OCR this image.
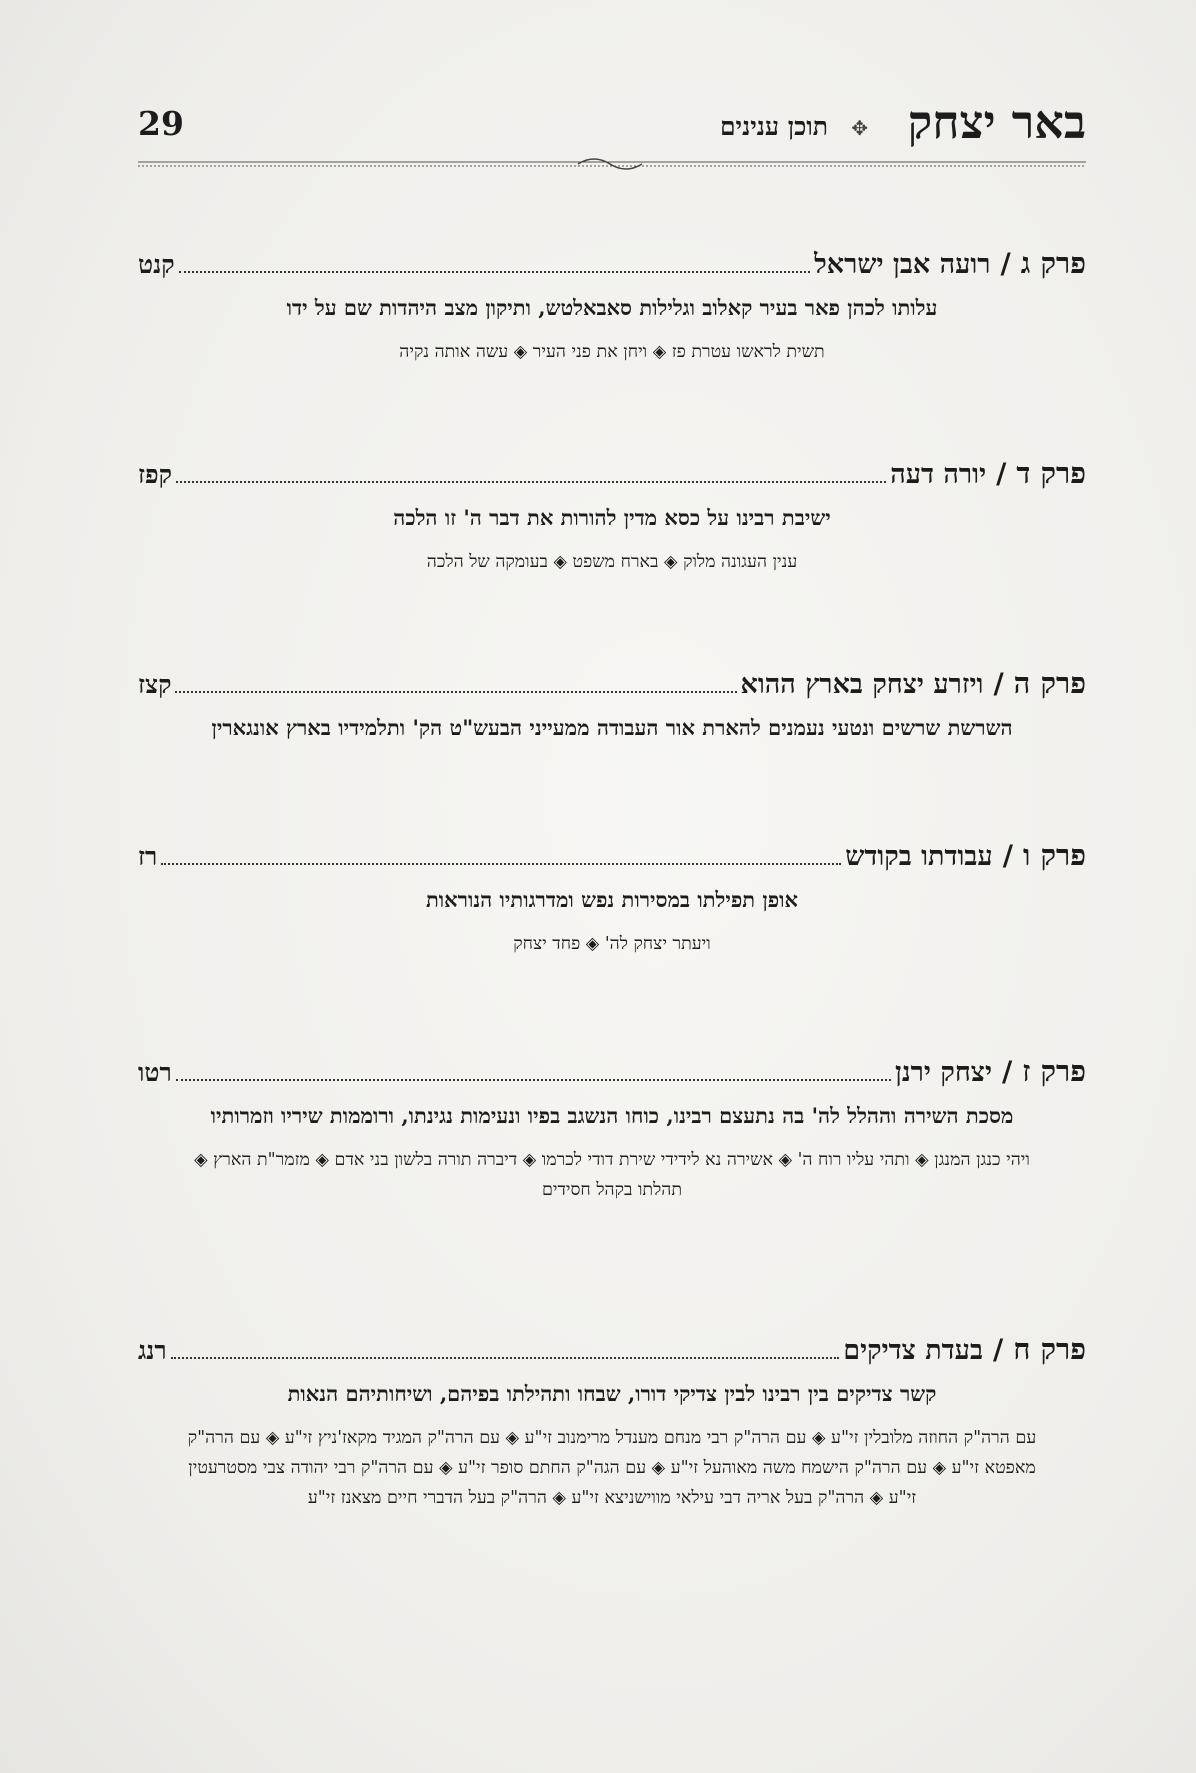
באר יצחק
✥
תוכן ענינים
29
פרק ג
/
רועה אבן ישראל
קנט
עלותו לכהן פאר בעיר קאלוב וגלילות סאבאלטש, ותיקון מצב היהדות שם על ידו
תשית לראשו עטרת פז ◈ ויחן את פני העיר ◈ עשה אותה נקיה
פרק ד
/
יורה דעה
קפז
ישיבת רבינו על כסא מדין להורות את דבר ה' זו הלכה
ענין העגונה מלוק ◈ בארח משפט ◈ בעומקה של הלכה
פרק ה
/
ויזרע יצחק בארץ ההוא
קצז
השרשת שרשים ונטעי נעמנים להארת אור העבודה ממעייני הבעש"ט הק' ותלמידיו בארץ אונגארין
פרק ו
/
עבודתו בקודש
רז
אופן תפילתו במסירות נפש ומדרגותיו הנוראות
ויעתר יצחק לה' ◈ פחד יצחק
פרק ז
/
יצחק ירנן
רטו
מסכת השירה וההלל לה' בה נתעצם רבינו, כוחו הנשגב בפיו ונעימות נגינתו, ורוממות שיריו וזמרותיו
ויהי כנגן המנגן ◈ ותהי עליו רוח ה' ◈ אשירה נא לידידי שירת דודי לכרמו ◈ דיברה תורה בלשון בני אדם ◈ מזמר"ת הארץ ◈ תהלתו בקהל חסידים
פרק ח
/
בעדת צדיקים
רנג
קשר צדיקים בין רבינו לבין צדיקי דורו, שבחו ותהילתו בפיהם, ושיחותיהם הנאות
עם הרה"ק החוזה מלובלין זי"ע ◈ עם הרה"ק רבי מנחם מענדל מרימנוב זי"ע ◈ עם הרה"ק המגיד מקאז'ניץ זי"ע ◈ עם הרה"ק מאפטא זי"ע ◈ עם הרה"ק הישמח משה מאוהעל זי"ע ◈ עם הגה"ק החתם סופר זי"ע ◈ עם הרה"ק רבי יהודה צבי מסטרעטין זי"ע ◈ הרה"ק בעל אריה דבי עילאי מווישניצא זי"ע ◈ הרה"ק בעל הדברי חיים מצאנז זי"ע
